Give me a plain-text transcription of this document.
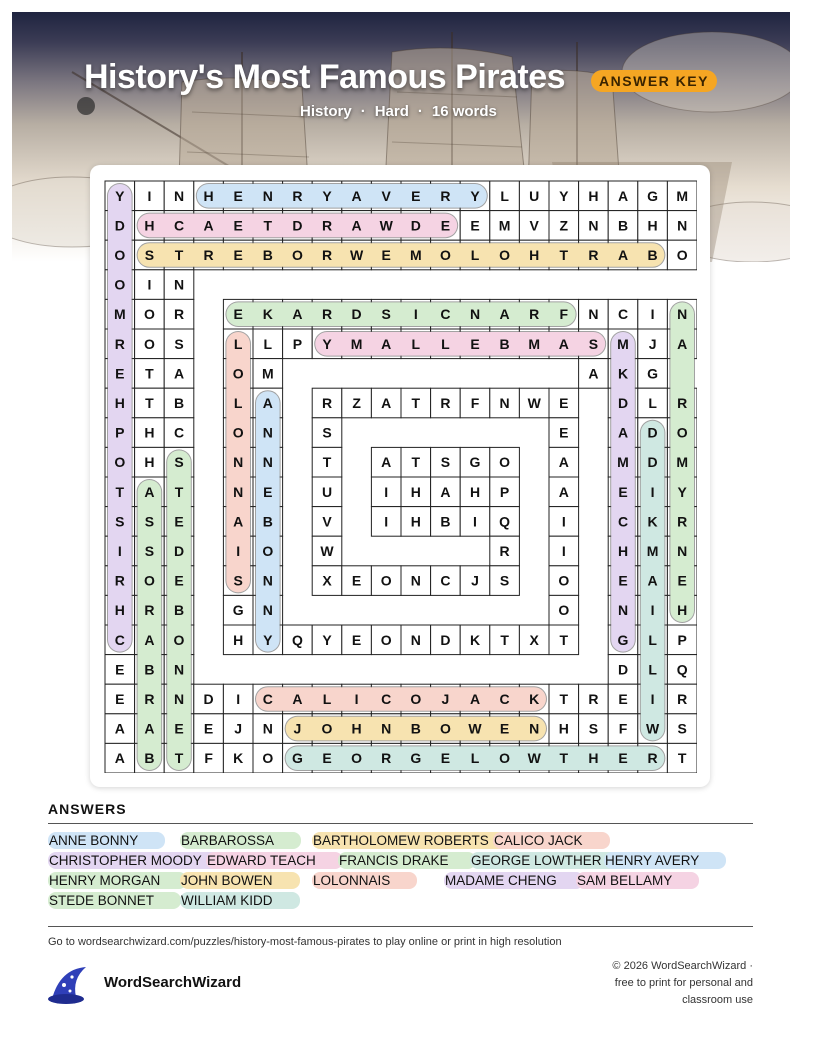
History's Most Famous Pirates	ANSWER KEY
History · Hard · 16 words
Y I N H E N R Y A V E R Y L U Y H A G M
D H C A E T D R A W D E E M V Z N B H N
O S T R E B O R W E M O L O H T R A B O
O I N
M O R	E K A R D S I C N A R F N C I N
R O S	L L P Y M A L L E B M A S M J A
E T A	O M	A K G
H T B	L A	R Z A T R F N W E	D L R
P H C	O N	S	E	A D O
O H S	N N	T	A T S G O	A	M D M
T A T	N E	U	I H A H P	A	E I Y
S S E	A B	V	I H B I Q	I	C K R
I S D	I O	W	R	I	H M N
R O E	S N	X E O N C J S	O	E A E
H R B	G N	O	N I H
C A O	H Y Q Y E O N D K T X T	G L P
E B N	D L Q
E R N D I C A L I C O J A C K T R E I R
A A E E J N J O H N B O W E N H S F W S
A B T F K O G E O R G E L O W T H E R T
ANSWERS
ANNE BONNY	BARBAROSSA	BARTHOLOMEW ROBERTS CALICO JACK
CHRISTOPHER MOODY EDWARD TEACH FRANCIS DRAKE GEORGE LOWTHER HENRY AVERY
HENRY MORGAN JOHN BOWEN	LOLONNAIS	MADAME CHENG SAM BELLAMY
STEDE BONNET WILLIAM KIDD
Go to wordsearchwizard.com/puzzles/history-most-famous-pirates to play online or print in high resolution
WordSearchWizard
© 2026 WordSearchWizard ·
free to print for personal and
classroom use
